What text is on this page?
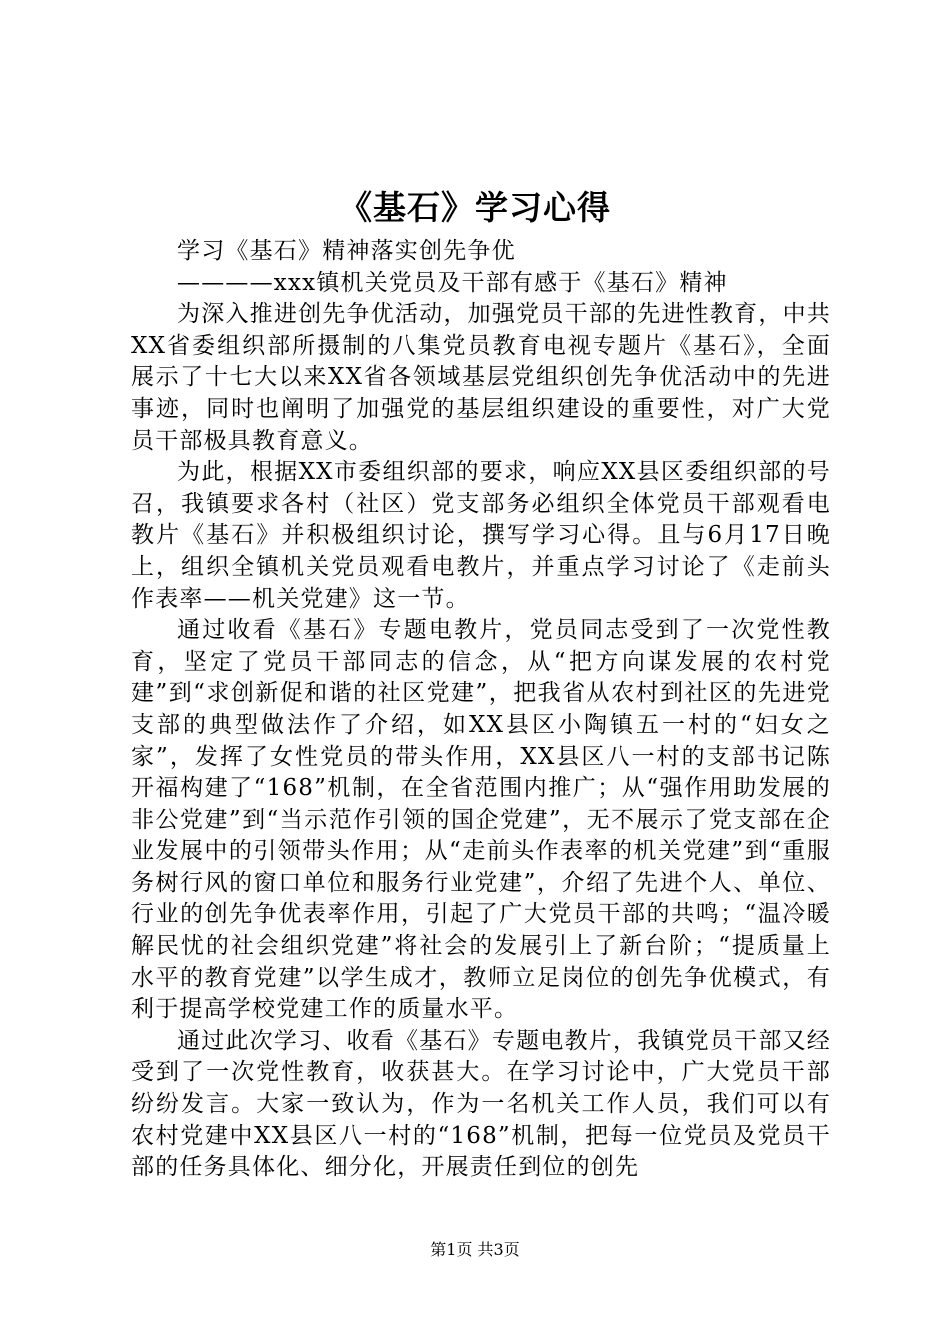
《基石》学习心得

学习《基石》精神落实创先争优

————xxx镇机关党员及干部有感于《基石》精神

为深入推进创先争优活动，加强党员干部的先进性教育，中共XX省委组织部所摄制的八集党员教育电视专题片《基石》，全面展示了十七大以来XX省各领域基层党组织创先争优活动中的先进事迹，同时也阐明了加强党的基层组织建设的重要性，对广大党员干部极具教育意义。

为此，根据XX市委组织部的要求，响应XX县区委组织部的号召，我镇要求各村（社区）党支部务必组织全体党员干部观看电教片《基石》并积极组织讨论，撰写学习心得。且与6月17日晚上，组织全镇机关党员观看电教片，并重点学习讨论了《走前头作表率——机关党建》这一节。

通过收看《基石》专题电教片，党员同志受到了一次党性教育，坚定了党员干部同志的信念，从“把方向谋发展的农村党建”到“求创新促和谐的社区党建”，把我省从农村到社区的先进党支部的典型做法作了介绍，如XX县区小陶镇五一村的“妇女之家”，发挥了女性党员的带头作用，XX县区八一村的支部书记陈开福构建了“168”机制，在全省范围内推广；从“强作用助发展的非公党建”到“当示范作引领的国企党建”，无不展示了党支部在企业发展中的引领带头作用；从“走前头作表率的机关党建”到“重服务树行风的窗口单位和服务行业党建”，介绍了先进个人、单位、行业的创先争优表率作用，引起了广大党员干部的共鸣；“温冷暖解民忧的社会组织党建”将社会的发展引上了新台阶；“提质量上水平的教育党建”以学生成才，教师立足岗位的创先争优模式，有利于提高学校党建工作的质量水平。

通过此次学习、收看《基石》专题电教片，我镇党员干部又经受到了一次党性教育，收获甚大。在学习讨论中，广大党员干部纷纷发言。大家一致认为，作为一名机关工作人员，我们可以有农村党建中XX县区八一村的“168”机制，把每一位党员及党员干部的任务具体化、细分化，开展责任到位的创先

第1页 共3页
